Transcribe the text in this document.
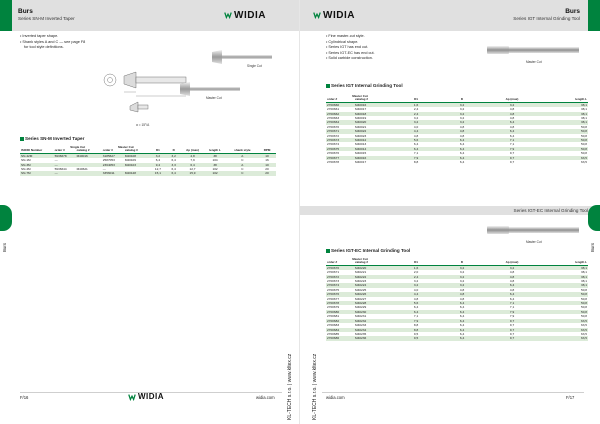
Burs
Series SN-M Inverted Taper	WIDIA
• Inverted taper shape.
• Shank styles A and C — see page F8
for tool style definitions.
Single Cut
Master Cut
α = 15°/A
Series SN-M Inverted Taper
	Single Cut		Master Cut							
ISO/DI Number	order #	catalog #	order #	catalog #	D1	D	Ap (max)	length L	shank style	RPM
SN-42M	5936678	M40016	3185627	M40108	3,2	3,2	4,8	38	A	10
SN-1M	—		2587053	M40109	6,4	6,4	7,9	104	C	16
SN-3M	—		2364053	M40103	9,4	3,3	6,4	38	A	10
SN-4M	5936644	M40621	—		12,7	6,4	12,7	102	C	20
SN-7M	—		3356011	M40128	15,1	6,4	15,9	102	C	20
F/16	WIDIA	widia.com
Burs
KL-TECH s.r.o. | www.kltex.cz
WIDIA	Burs
Series IGT Internal Grinding Tool
• Fine master-cut style.
• Cylindrical shape.
• Series IGT has end cut.
• Series IGT-EC has end cut.
• Solid carbide construction.
Master Cut
Series IGT Internal Grinding Tool
Master Cut					
order #	catalog #	D1	D	Ap (max)	length L
2700660	M40016	1,6	3,2	3,2	38,1
2700661	M40017	2,4	3,2	4,8	38,1
2700662	M40018	2,4	3,2	4,8	38,1
2700663	M40019	3,2	3,2	4,8	38,1
2700664	M40020	3,2	3,2	6,4	38,1
2700670	M40021	4,0	4,8	4,8	50,8
2700671	M40022	4,4	4,8	6,4	50,8
2700672	M40023	4,8	4,8	6,4	50,8
2700673	M40012	5,6	6,4	7,1	50,8
2700674	M40013	6,4	6,4	7,1	50,8
2700675	M40014	6,4	6,4	7,9	50,8
2700676	M40015	7,1	6,4	9,7	50,8
2700677	M40016	7,9	6,4	9,7	63,5
2700678	M40017	8,8	6,4	9,7	63,5
Series IGT-EC Internal Grinding Tool
Master Cut
Series IGT-EC Internal Grinding Tool
Master Cut					
order #	catalog #	D1	D	Ap (max)	length L
2700670	M40220	1,6	3,2	3,2	38,1
2700671	M40221	2,0	3,2	4,8	38,1
2700672	M40222	2,4	3,2	4,8	38,1
2700673	M40223	3,2	3,2	4,8	38,1
2700674	M40224	3,2	3,2	6,4	38,1
2700675	M40225	4,0	4,8	4,8	50,8
2700676	M40226	4,4	4,8	6,4	50,8
2700677	M40227	4,8	4,8	6,4	50,8
2700678	M40228	5,6	6,4	7,1	50,8
2700679	M40229	6,4	6,4	7,1	50,8
2700680	M40230	6,4	6,4	7,9	50,8
2700681	M40231	7,1	6,4	7,9	50,8
2700682	M40232	7,9	6,4	9,7	63,5
2700683	M40233	8,8	6,4	9,7	63,5
2700684	M40234	8,8	6,4	9,7	63,5
2700685	M40235	9,5	6,4	9,7	63,5
2700686	M40236	9,5	6,4	9,7	63,5
KL-TECH s.r.o. | www.kltex.cz widia.com	F/17
Burs
